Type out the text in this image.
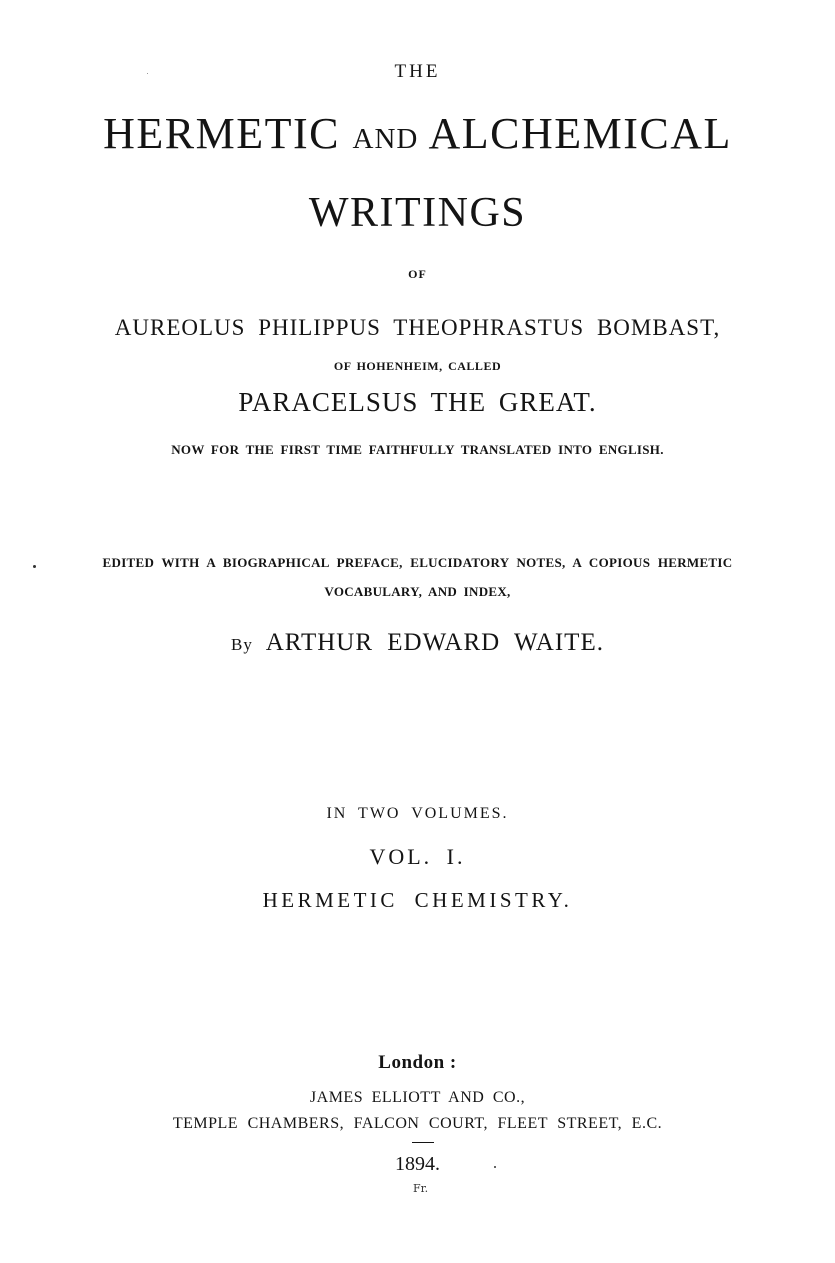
THE
HERMETIC AND ALCHEMICAL
WRITINGS
OF
AUREOLUS PHILIPPUS THEOPHRASTUS BOMBAST,
OF HOHENHEIM, CALLED
PARACELSUS THE GREAT.
NOW FOR THE FIRST TIME FAITHFULLY TRANSLATED INTO ENGLISH.
EDITED WITH A BIOGRAPHICAL PREFACE, ELUCIDATORY NOTES, A COPIOUS HERMETIC
VOCABULARY, AND INDEX,
By ARTHUR EDWARD WAITE.
IN TWO VOLUMES.
VOL. I.
HERMETIC CHEMISTRY.
London :
JAMES ELLIOTT AND CO.,
TEMPLE CHAMBERS, FALCON COURT, FLEET STREET, E.C.
1894.
Fr.
